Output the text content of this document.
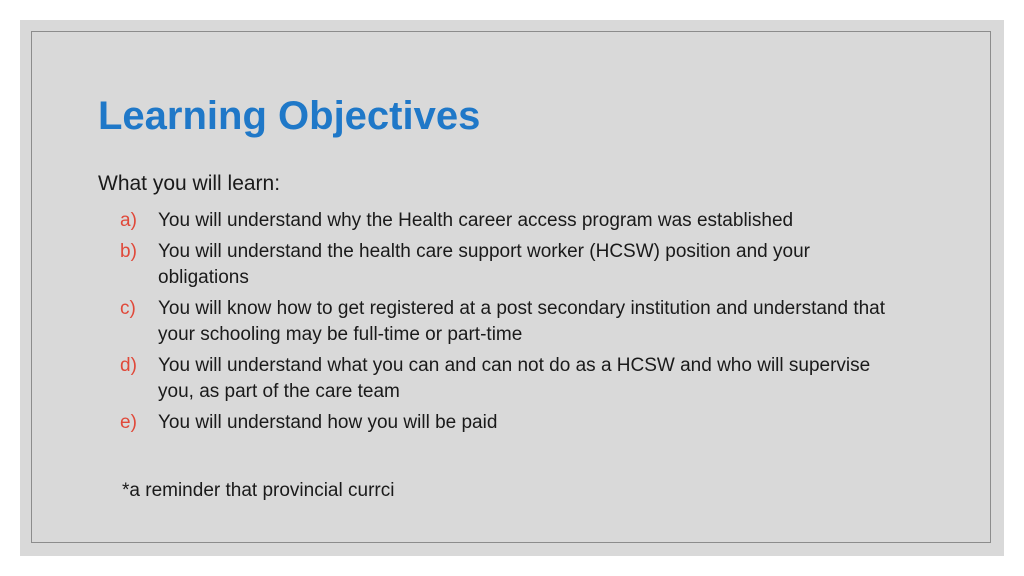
Learning Objectives
What you will learn:
a)	You will understand why the Health career access program was established
b)	You will understand the health care support worker (HCSW) position and your obligations
c)	You will know how to get registered at a post secondary institution and understand that your schooling may be full-time or part-time
d)	You will understand what you can and can not do as a HCSW and who will supervise you, as part of the care team
e)	You will understand how you will be paid
*a reminder that provincial currci
